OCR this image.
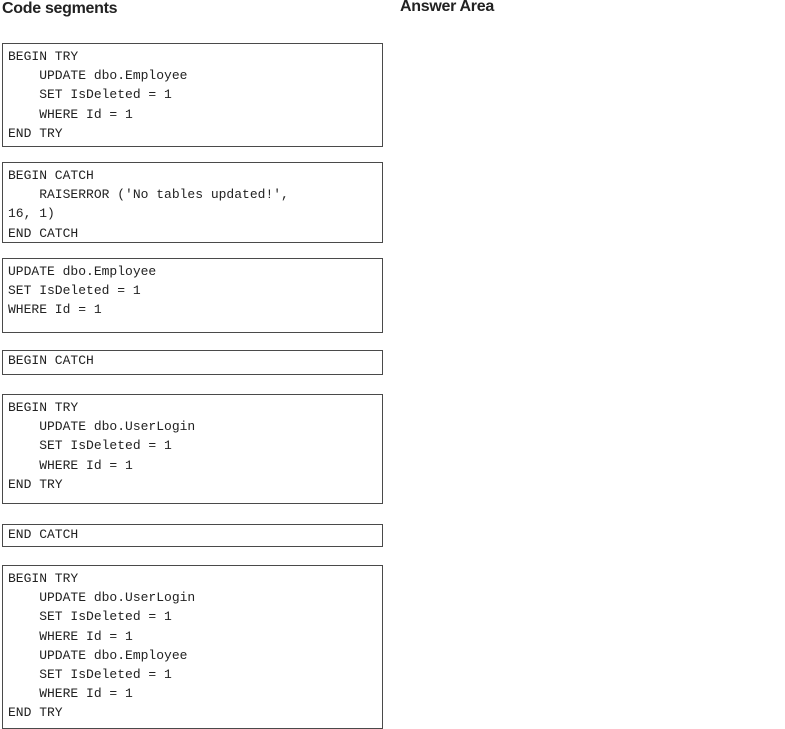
Code segments	Answer Area
BEGIN TRY
UPDATE dbo.Employee
SET IsDeleted = 1
WHERE Id = 1
END TRY
BEGIN CATCH
RAISERROR ('No tables updated!',
16, 1)
END CATCH
UPDATE dbo.Employee
SET IsDeleted = 1
WHERE Id = 1
BEGIN CATCH
BEGIN TRY
UPDATE dbo.UserLogin
SET IsDeleted = 1
WHERE Id = 1
END TRY
END CATCH
BEGIN TRY
UPDATE dbo.UserLogin
SET IsDeleted = 1
WHERE Id = 1
UPDATE dbo.Employee
SET IsDeleted = 1
WHERE Id = 1
END TRY
